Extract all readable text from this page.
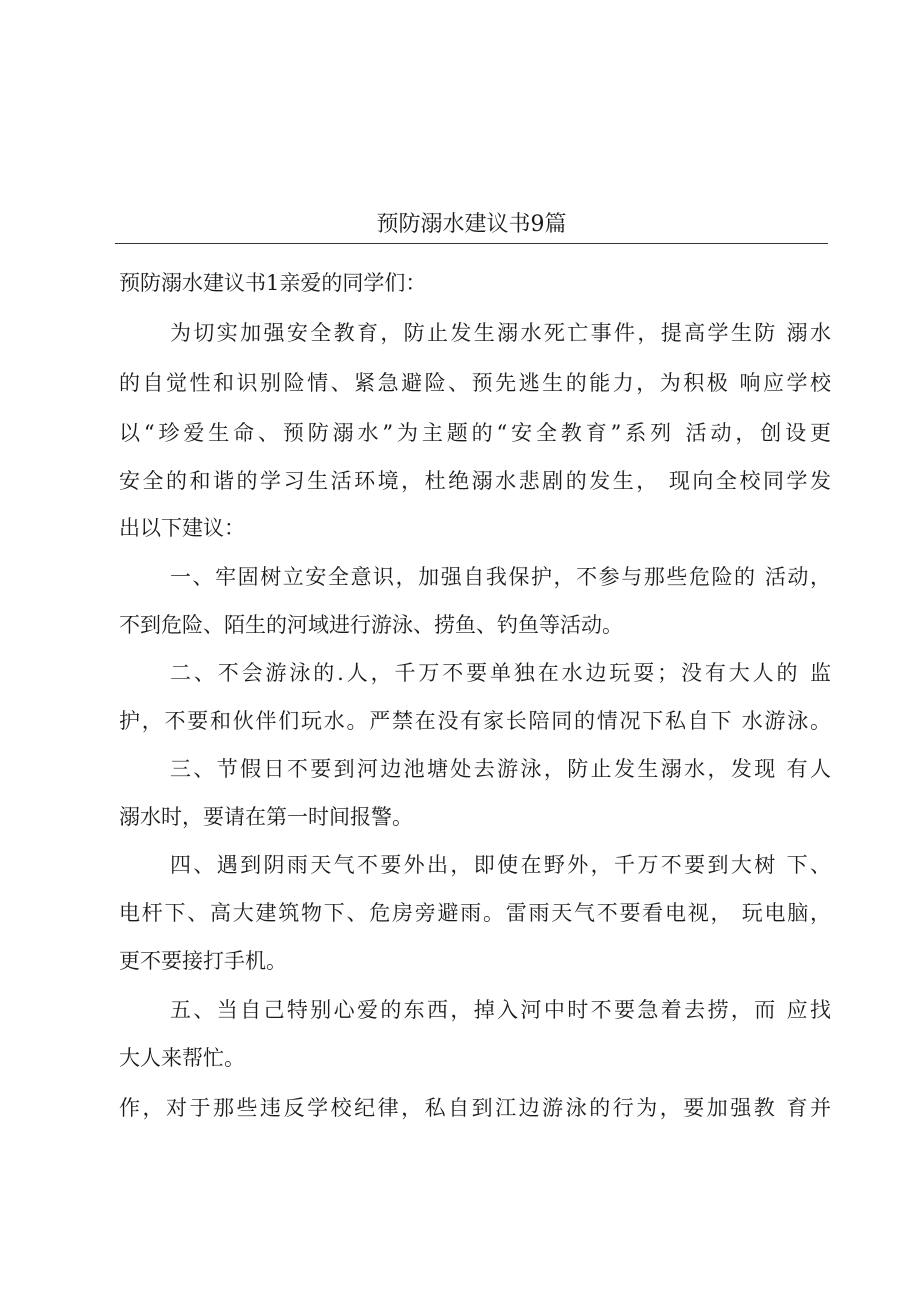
预防溺水建议书9篇
预防溺水建议书1亲爱的同学们：
为切实加强安全教育，防止发生溺水死亡事件，提高学生防 溺水
的自觉性和识别险情、紧急避险、预先逃生的能力，为积极 响应学校
以“珍爱生命、预防溺水”为主题的“安全教育”系列 活动，创设更
安全的和谐的学习生活环境，杜绝溺水悲剧的发生， 现向全校同学发
出以下建议：
一、牢固树立安全意识，加强自我保护，不参与那些危险的 活动，
不到危险、陌生的河域进行游泳、捞鱼、钓鱼等活动。
二、不会游泳的.人，千万不要单独在水边玩耍；没有大人的 监
护，不要和伙伴们玩水。严禁在没有家长陪同的情况下私自下 水游泳。
三、节假日不要到河边池塘处去游泳，防止发生溺水，发现 有人
溺水时，要请在第一时间报警。
四、遇到阴雨天气不要外出，即使在野外，千万不要到大树 下、
电杆下、高大建筑物下、危房旁避雨。雷雨天气不要看电视， 玩电脑，
更不要接打手机。
五、当自己特别心爱的东西，掉入河中时不要急着去捞，而 应找
大人来帮忙。
作，对于那些违反学校纪律，私自到江边游泳的行为，要加强教 育并
